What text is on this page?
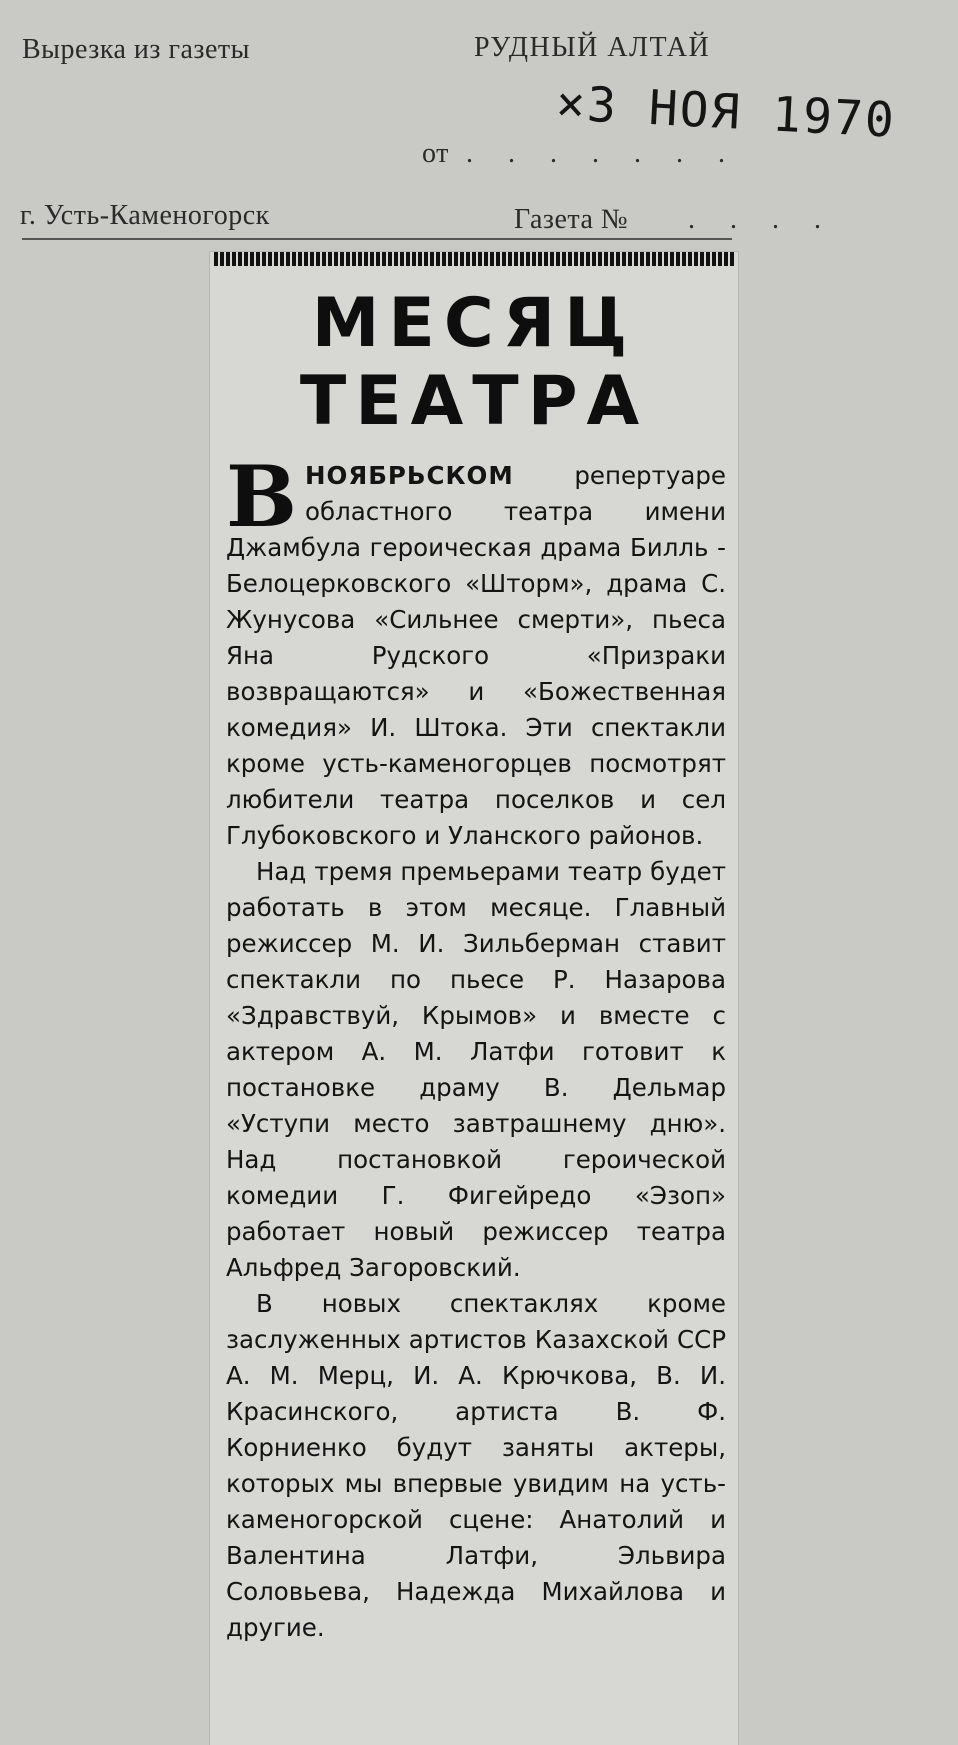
Вырезка из газеты	РУДНЫЙ АЛТАЙ
от . . . . . . .
г. Усть-Каменогорск	Газета № . . . .
×3 НОЯ 1970
МЕСЯЦ
ТЕАТРА

ВНОЯБРЬСКОМ репертуаре областного театра имени Джамбула героическая драма Билль - Белоцерковского «Шторм», драма С. Жунусова «Сильнее смерти», пьеса Яна Рудского «Призраки возвращаются» и «Божественная комедия» И. Штока. Эти спектакли кроме усть-каменогорцев посмотрят любители театра поселков и сел Глубоковского и Уланского районов.

Над тремя премьерами театр будет работать в этом месяце. Главный режиссер М. И. Зильберман ставит спектакли по пьесе Р. Назарова «Здравствуй, Крымов» и вместе с актером А. М. Латфи готовит к постановке драму В. Дельмар «Уступи место завтрашнему дню». Над постановкой героической комедии Г. Фигейредо «Эзоп» работает новый режиссер театра Альфред Загоровский.

В новых спектаклях кроме заслуженных артистов Казахской ССР А. М. Мерц, И. А. Крючкова, В. И. Красинского, артиста В. Ф. Корниенко будут заняты актеры, которых мы впервые увидим на усть-каменогорской сцене: Анатолий и Валентина Латфи, Эльвира Соловьева, Надежда Михайлова и другие.
